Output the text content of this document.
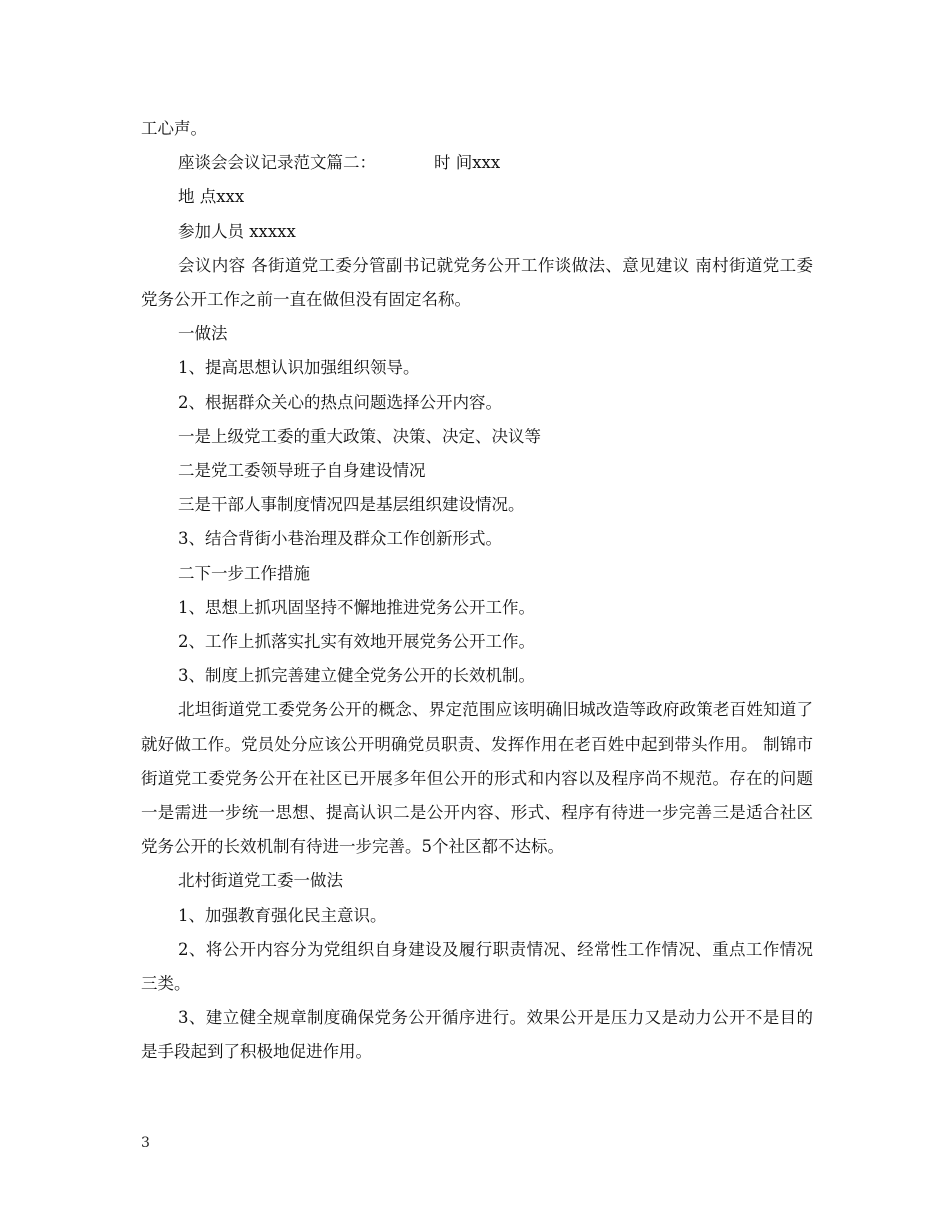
工心声。

座谈会会议记录范文篇二：	时 间xxx

地 点xxx

参加人员 xxxxx

会议内容 各街道党工委分管副书记就党务公开工作谈做法、意见建议 南村街道党工委党务公开工作之前一直在做但没有固定名称。

一做法

1、提高思想认识加强组织领导。

2、根据群众关心的热点问题选择公开内容。

一是上级党工委的重大政策、决策、决定、决议等

二是党工委领导班子自身建设情况

三是干部人事制度情况四是基层组织建设情况。

3、结合背街小巷治理及群众工作创新形式。

二下一步工作措施

1、思想上抓巩固坚持不懈地推进党务公开工作。

2、工作上抓落实扎实有效地开展党务公开工作。

3、制度上抓完善建立健全党务公开的长效机制。

北坦街道党工委党务公开的概念、界定范围应该明确旧城改造等政府政策老百姓知道了就好做工作。党员处分应该公开明确党员职责、发挥作用在老百姓中起到带头作用。 制锦市街道党工委党务公开在社区已开展多年但公开的形式和内容以及程序尚不规范。存在的问题一是需进一步统一思想、提高认识二是公开内容、形式、程序有待进一步完善三是适合社区党务公开的长效机制有待进一步完善。5个社区都不达标。

北村街道党工委一做法

1、加强教育强化民主意识。

2、将公开内容分为党组织自身建设及履行职责情况、经常性工作情况、重点工作情况三类。

3、建立健全规章制度确保党务公开循序进行。效果公开是压力又是动力公开不是目的是手段起到了积极地促进作用。

3
